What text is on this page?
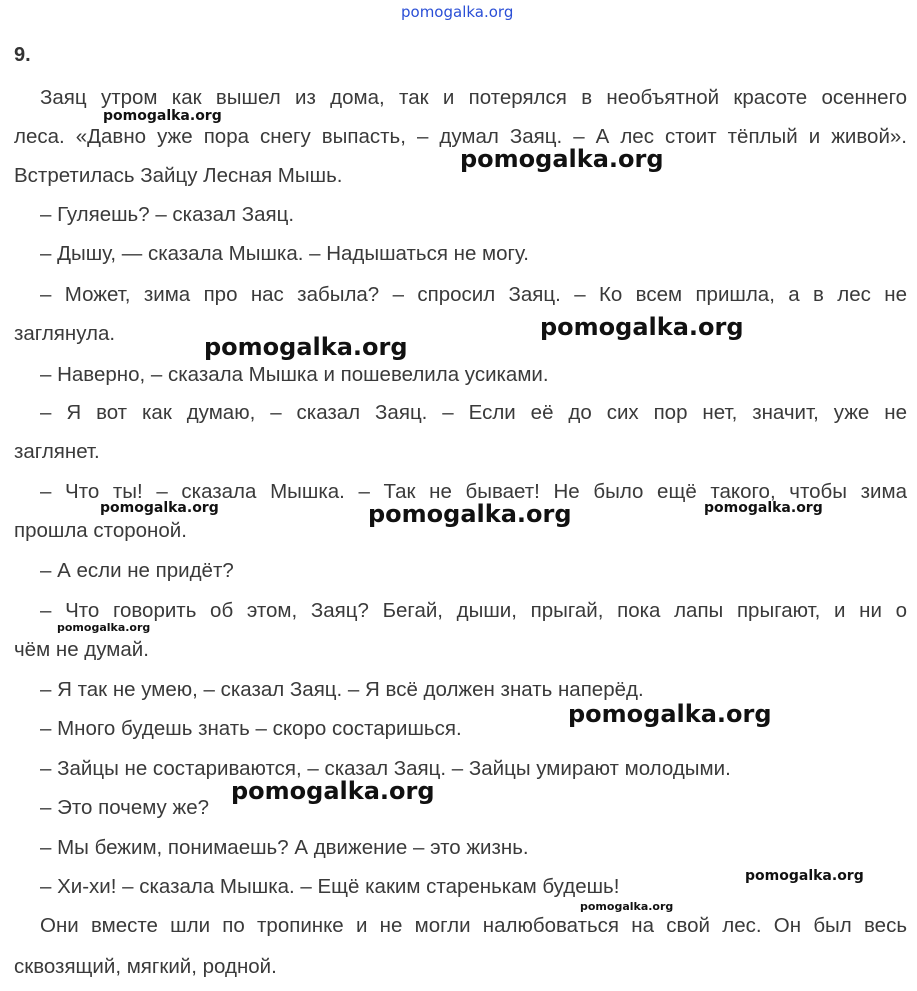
pomogalka.org
9.
Заяц утром как вышел из дома, так и потерялся в необъятной красоте осеннего
леса. «Давно уже пора снегу выпасть, – думал Заяц. – А лес стоит тёплый и живой».
Встретилась Зайцу Лесная Мышь.
– Гуляешь? – сказал Заяц.
– Дышу, — сказала Мышка. – Надышаться не могу.
– Может, зима про нас забыла? – спросил Заяц. – Ко всем пришла, а в лес не
заглянула.
– Наверно, – сказала Мышка и пошевелила усиками.
– Я вот как думаю, – сказал Заяц. – Если её до сих пор нет, значит, уже не
заглянет.
– Что ты! – сказала Мышка. – Так не бывает! Не было ещё такого, чтобы зима
прошла стороной.
– А если не придёт?
– Что говорить об этом, Заяц? Бегай, дыши, прыгай, пока лапы прыгают, и ни о
чём не думай.
– Я так не умею, – сказал Заяц. – Я всё должен знать наперёд.
– Много будешь знать – скоро состаришься.
– Зайцы не состариваются, – сказал Заяц. – Зайцы умирают молодыми.
– Это почему же?
– Мы бежим, понимаешь? А движение – это жизнь.
– Хи-хи! – сказала Мышка. – Ещё каким старенькам будешь!
Они вместе шли по тропинке и не могли налюбоваться на свой лес. Он был весь
сквозящий, мягкий, родной.
pomogalka.org
pomogalka.org
pomogalka.org
pomogalka.org
pomogalka.org	pomogalka.org	pomogalka.org
pomogalka.org
pomogalka.org
pomogalka.org
pomogalka.org
pomogalka.org
